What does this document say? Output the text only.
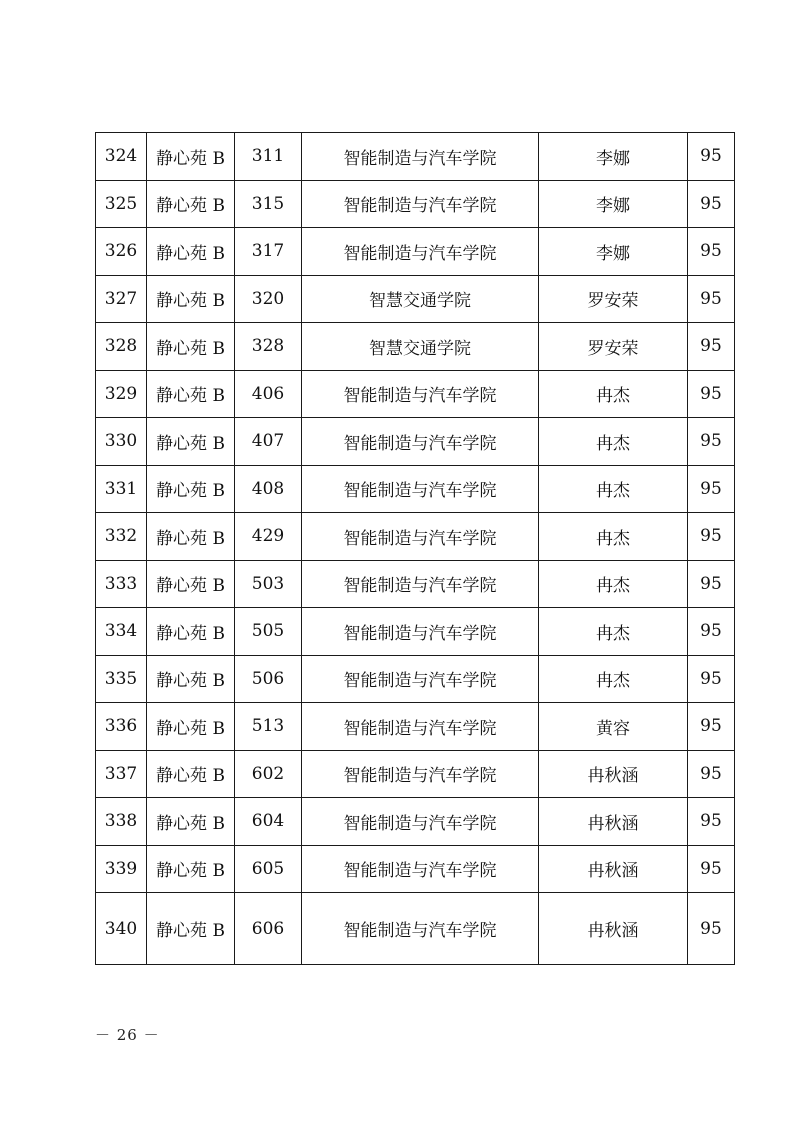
324	静心苑 B	311	智能制造与汽车学院	李娜	95
325	静心苑 B	315	智能制造与汽车学院	李娜	95
326	静心苑 B	317	智能制造与汽车学院	李娜	95
327	静心苑 B	320	智慧交通学院	罗安荣	95
328	静心苑 B	328	智慧交通学院	罗安荣	95
329	静心苑 B	406	智能制造与汽车学院	冉杰	95
330	静心苑 B	407	智能制造与汽车学院	冉杰	95
331	静心苑 B	408	智能制造与汽车学院	冉杰	95
332	静心苑 B	429	智能制造与汽车学院	冉杰	95
333	静心苑 B	503	智能制造与汽车学院	冉杰	95
334	静心苑 B	505	智能制造与汽车学院	冉杰	95
335	静心苑 B	506	智能制造与汽车学院	冉杰	95
336	静心苑 B	513	智能制造与汽车学院	黄容	95
337	静心苑 B	602	智能制造与汽车学院	冉秋涵	95
338	静心苑 B	604	智能制造与汽车学院	冉秋涵	95
339	静心苑 B	605	智能制造与汽车学院	冉秋涵	95
340	静心苑 B	606	智能制造与汽车学院	冉秋涵	95
－ 26 －
